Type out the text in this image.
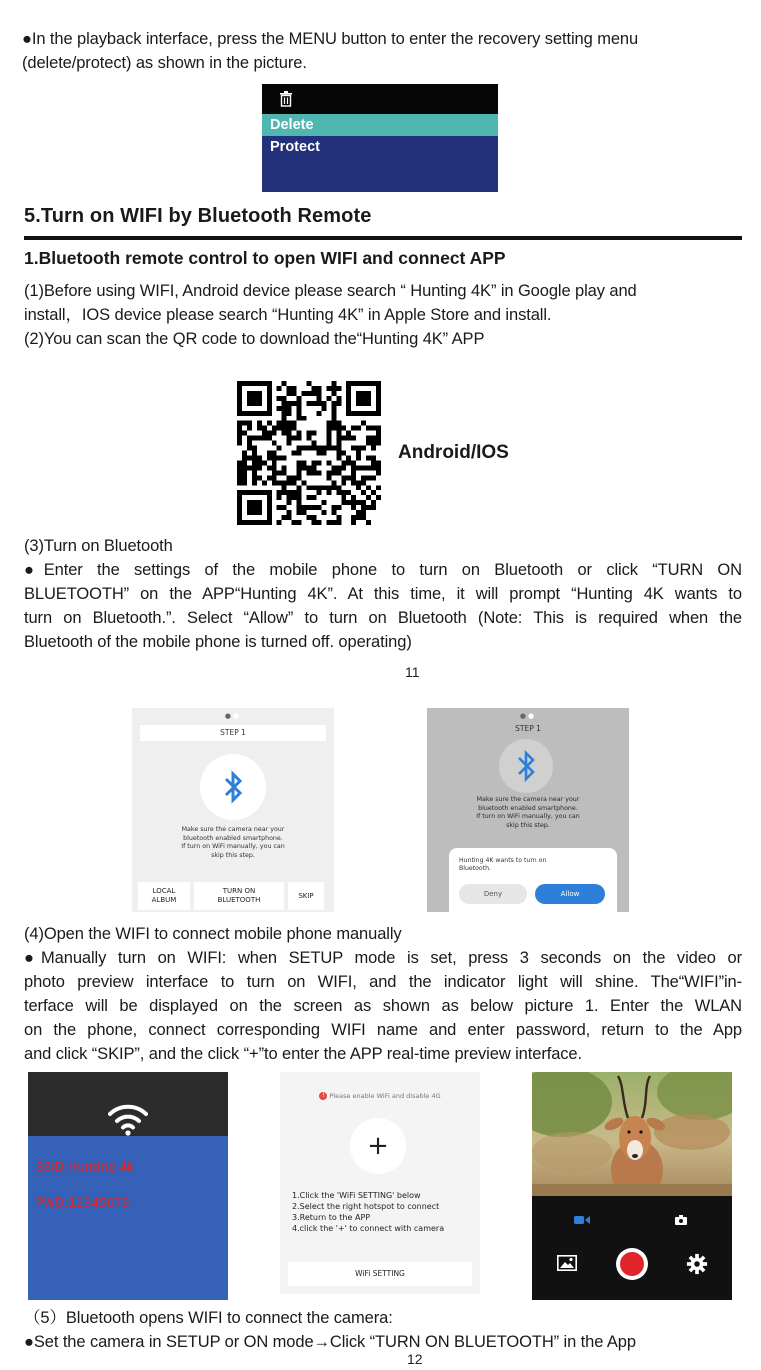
●In the playback interface, press the MENU button to enter the recovery setting menu
(delete/protect) as shown in the picture.
Delete
Protect
5.Turn on WIFI by Bluetooth Remote
1.Bluetooth remote control to open WIFI and connect APP
(1)Before using WIFI, Android device please search “ Hunting 4K” in Google play and
install，IOS device please search “Hunting 4K” in Apple Store and install.
(2)You can scan the QR code to download the“Hunting 4K” APP
Android/IOS
(3)Turn on Bluetooth
●Enter the settings of the mobile phone to turn on Bluetooth or click “TURN ON
BLUETOOTH” on the APP“Hunting 4K”. At this time, it will prompt “Hunting 4K wants to
turn on Bluetooth.”. Select “Allow” to turn on Bluetooth (Note: This is required when the
Bluetooth of the mobile phone is turned off. operating)
11
●●
STEP 1
Make sure the camera near your
bluetooth enabled smartphone.
If turn on WiFi manually, you can
skip this step.
LOCAL
ALBUM
TURN ON
BLUETOOTH
SKIP
●●
STEP 1
Make sure the camera near your
bluetooth enabled smartphone.
If turn on WiFi manually, you can
skip this step.
Hunting 4K wants to turn on
Bluetooth.
Deny	Allow
(4)Open the WIFI to connect mobile phone manually
●Manually turn on WIFI: when SETUP mode is set, press 3 seconds on the video or
photo preview interface to turn on WIFI, and the indicator light will shine. The“WIFI”in-
terface will be displayed on the screen as shown as below picture 1. Enter the WLAN
on the phone, connect corresponding WIFI name and enter password, return to the App
and click “SKIP”, and the click “+”to enter the APP real-time preview interface.
SSID:Hunting 4k
PWD:12345678
! Please enable WiFi and disable 4G
+
1.Click the 'WiFi SETTING' below
2.Select the right hotspot to connect
3.Return to the APP
4.click the '+' to connect with camera
WiFi SETTING
（5）Bluetooth opens WIFI to connect the camera:
●Set the camera in SETUP or ON mode→Click “TURN ON BLUETOOTH” in the App
12
